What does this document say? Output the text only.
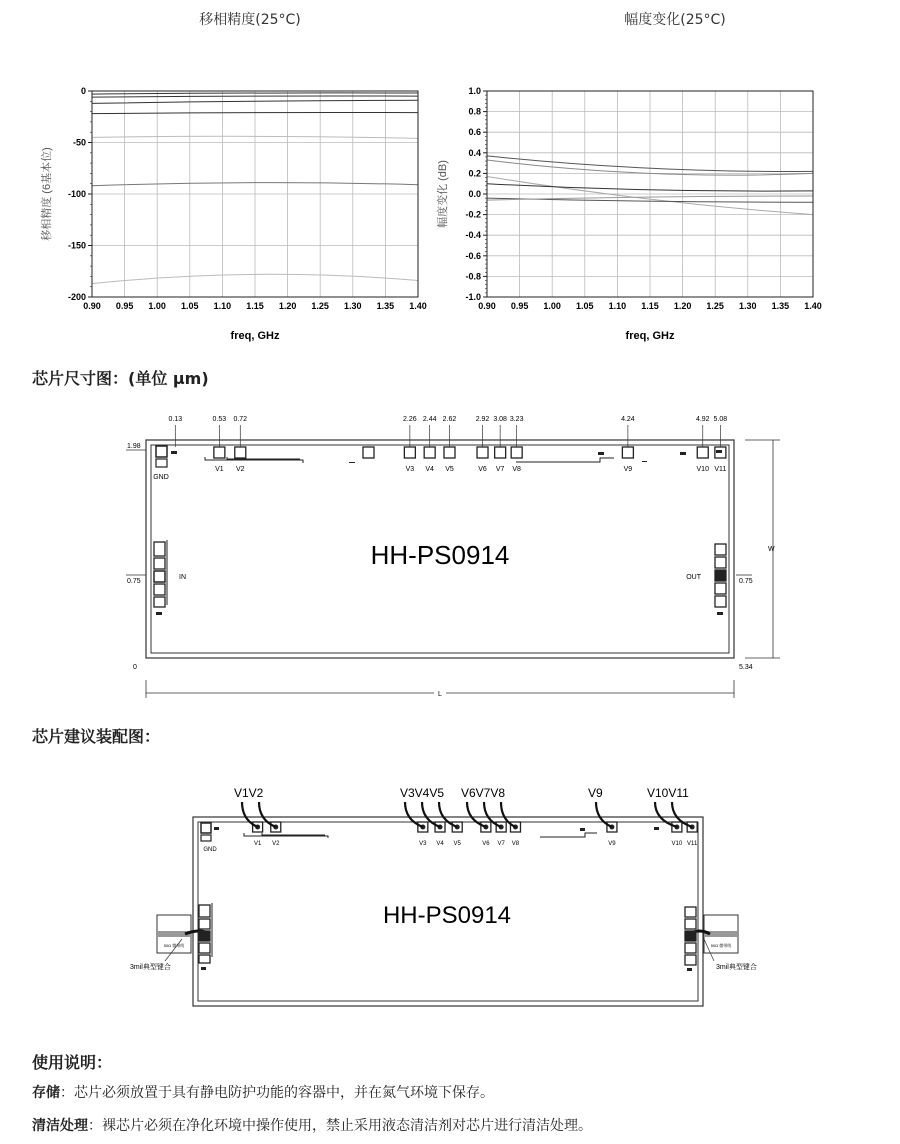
移相精度(25°C)	幅度变化(25°C)
0.90 0.95 1.00 1.05 1.10 1.15 1.20 1.25 1.30 1.35 1.40
0
-50
-100
-150
-200
freq, GHz
移相精度 (6基本位)
0.90 0.95 1.00 1.05 1.10 1.15 1.20 1.25 1.30 1.35 1.40
1.0
0.8
0.6
0.4
0.2
0.0
-0.2
-0.4
-0.6
-0.8
-1.0
freq, GHz
幅度变化 (dB)
芯片尺寸图：(单位 μm)
0.13	0.53 0.72	2.26 2.44 2.62	2.92 3.08 3.23	4.24	4.92 5.08
V1 V2	V3 V4 V5	V6 V7 V8	V9	V10 V11
GND
IN	OUT
HH-PS0914
1.98
0.75
0
0.75
5.34
W
L
芯片建议装配图：
V1V2	V3V4V5 V6V7V8	V9	V10V11
V1 V2	V3 V4 V5	V6 V7 V8	V9	V10 V11
GND
HH-PS0914
50Ω 微带线
3mil典型键合
50Ω 微带线
3mil典型键合
使用说明：
存储：芯片必须放置于具有静电防护功能的容器中，并在氮气环境下保存。
清洁处理：裸芯片必须在净化环境中操作使用，禁止采用液态清洁剂对芯片进行清洁处理。
